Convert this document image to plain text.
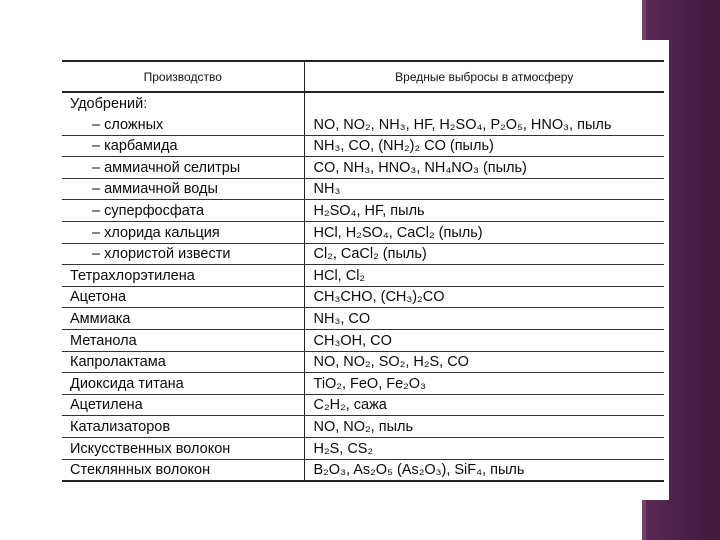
Производство	Вредные выбросы в атмосферу
Удобрений:	
– сложных	NO, NO₂, NH₃, HF, H₂SO₄, P₂O₅, HNO₃, пыль
– карбамида	NH₃, CO, (NH₂)₂ CO (пыль)
– аммиачной селитры	CO, NH₃, HNO₃, NH₄NO₃ (пыль)
– аммиачной воды	NH₃
– суперфосфата	H₂SO₄, HF, пыль
– хлорида кальция	HCl, H₂SO₄, CaCl₂ (пыль)
– хлористой извести	Cl₂, CaCl₂ (пыль)
Тетрахлорэтилена	HCl, Cl₂
Ацетона	CH₃CHO, (CH₃)₂CO
Аммиака	NH₃, CO
Метанола	CH₃OH, CO
Капролактама	NO, NO₂, SO₂, H₂S, CO
Диоксида титана	TiO₂, FeO, Fe₂O₃
Ацетилена	C₂H₂, сажа
Катализаторов	NO, NO₂, пыль
Искусственных волокон	H₂S, CS₂
Стеклянных волокон	B₂O₃, As₂O₅ (As₂O₃), SiF₄, пыль
